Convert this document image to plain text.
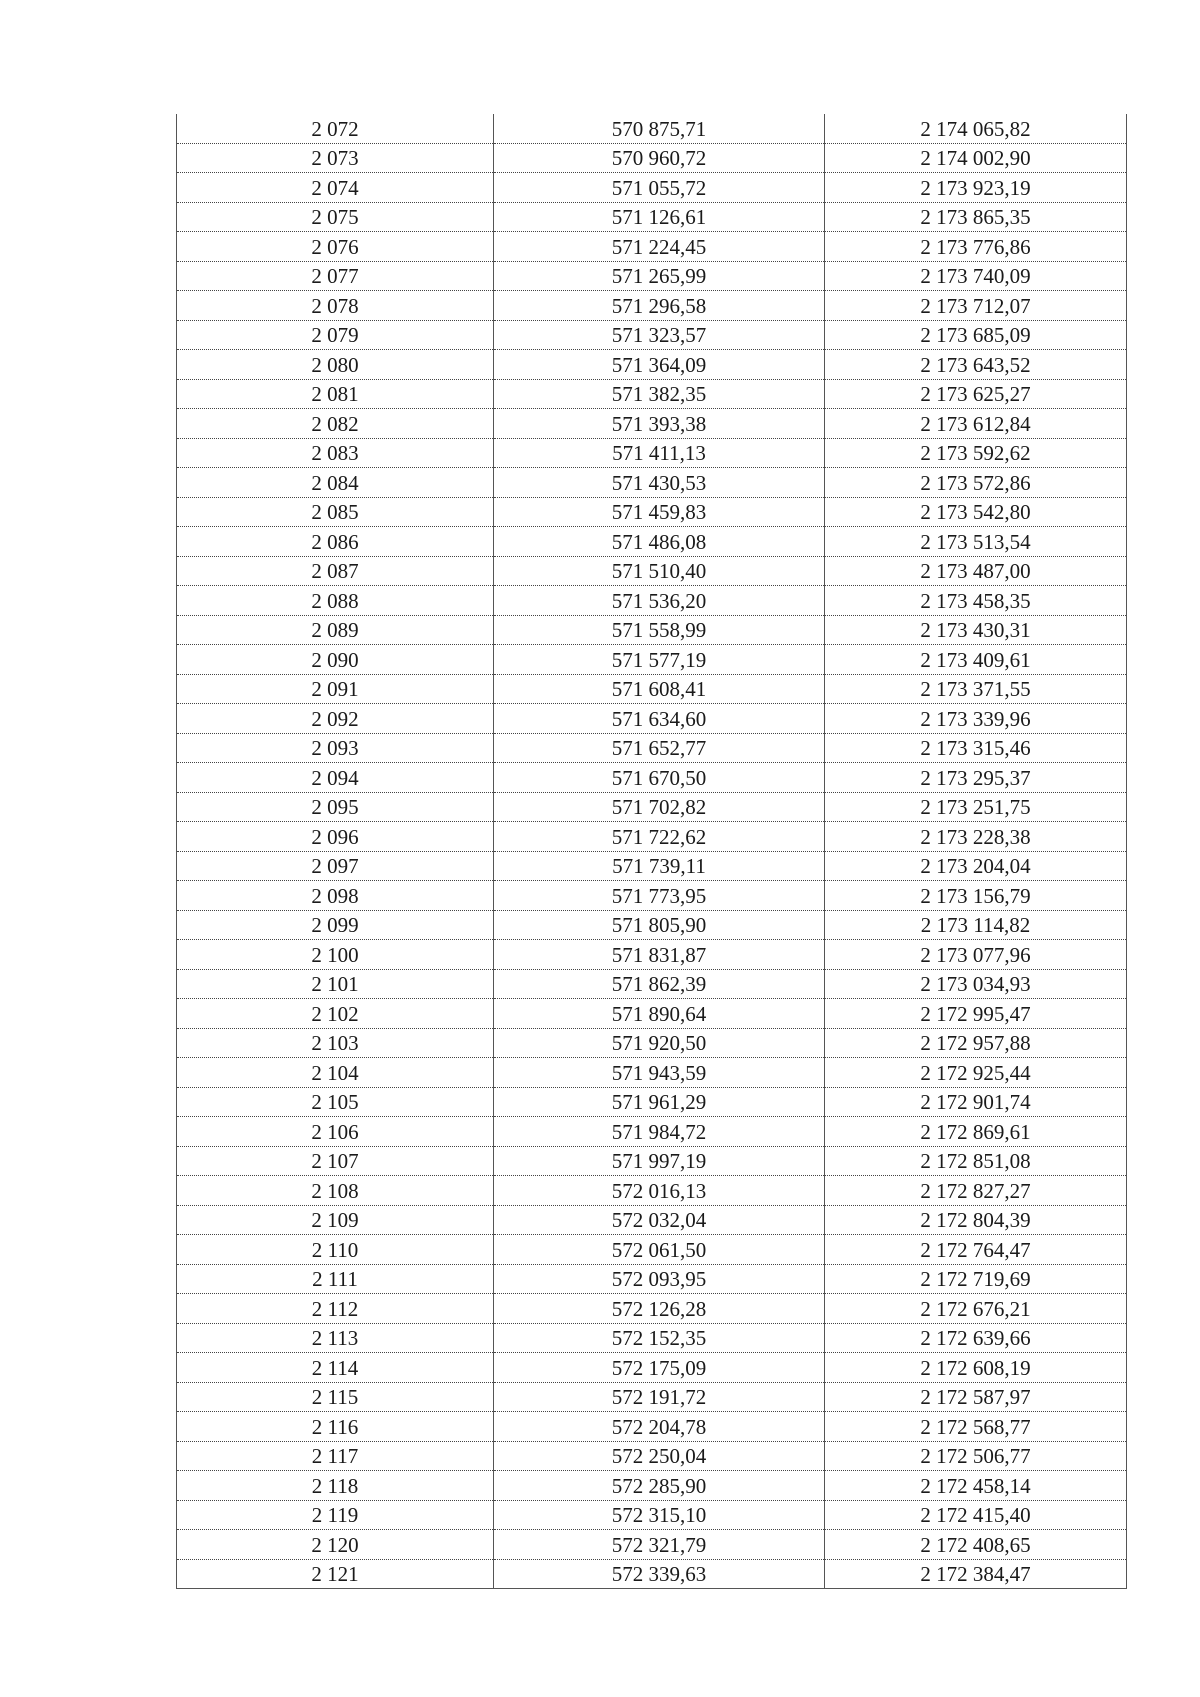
2 072	570 875,71	2 174 065,82
2 073	570 960,72	2 174 002,90
2 074	571 055,72	2 173 923,19
2 075	571 126,61	2 173 865,35
2 076	571 224,45	2 173 776,86
2 077	571 265,99	2 173 740,09
2 078	571 296,58	2 173 712,07
2 079	571 323,57	2 173 685,09
2 080	571 364,09	2 173 643,52
2 081	571 382,35	2 173 625,27
2 082	571 393,38	2 173 612,84
2 083	571 411,13	2 173 592,62
2 084	571 430,53	2 173 572,86
2 085	571 459,83	2 173 542,80
2 086	571 486,08	2 173 513,54
2 087	571 510,40	2 173 487,00
2 088	571 536,20	2 173 458,35
2 089	571 558,99	2 173 430,31
2 090	571 577,19	2 173 409,61
2 091	571 608,41	2 173 371,55
2 092	571 634,60	2 173 339,96
2 093	571 652,77	2 173 315,46
2 094	571 670,50	2 173 295,37
2 095	571 702,82	2 173 251,75
2 096	571 722,62	2 173 228,38
2 097	571 739,11	2 173 204,04
2 098	571 773,95	2 173 156,79
2 099	571 805,90	2 173 114,82
2 100	571 831,87	2 173 077,96
2 101	571 862,39	2 173 034,93
2 102	571 890,64	2 172 995,47
2 103	571 920,50	2 172 957,88
2 104	571 943,59	2 172 925,44
2 105	571 961,29	2 172 901,74
2 106	571 984,72	2 172 869,61
2 107	571 997,19	2 172 851,08
2 108	572 016,13	2 172 827,27
2 109	572 032,04	2 172 804,39
2 110	572 061,50	2 172 764,47
2 111	572 093,95	2 172 719,69
2 112	572 126,28	2 172 676,21
2 113	572 152,35	2 172 639,66
2 114	572 175,09	2 172 608,19
2 115	572 191,72	2 172 587,97
2 116	572 204,78	2 172 568,77
2 117	572 250,04	2 172 506,77
2 118	572 285,90	2 172 458,14
2 119	572 315,10	2 172 415,40
2 120	572 321,79	2 172 408,65
2 121	572 339,63	2 172 384,47
